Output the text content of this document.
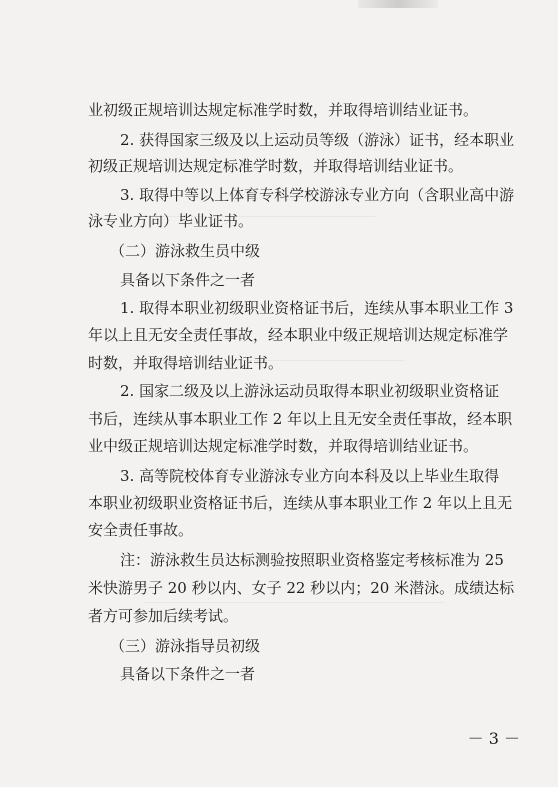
业初级正规培训达规定标准学时数，并取得培训结业证书。
2. 获得国家三级及以上运动员等级（游泳）证书，经本职业
初级正规培训达规定标准学时数，并取得培训结业证书。
3. 取得中等以上体育专科学校游泳专业方向（含职业高中游
泳专业方向）毕业证书。
（二）游泳救生员中级
具备以下条件之一者
1. 取得本职业初级职业资格证书后，连续从事本职业工作 3
年以上且无安全责任事故，经本职业中级正规培训达规定标准学
时数，并取得培训结业证书。
2. 国家二级及以上游泳运动员取得本职业初级职业资格证
书后，连续从事本职业工作 2 年以上且无安全责任事故，经本职
业中级正规培训达规定标准学时数，并取得培训结业证书。
3. 高等院校体育专业游泳专业方向本科及以上毕业生取得
本职业初级职业资格证书后，连续从事本职业工作 2 年以上且无
安全责任事故。
注：游泳救生员达标测验按照职业资格鉴定考核标准为 25
米快游男子 20 秒以内、女子 22 秒以内；20 米潜泳。成绩达标
者方可参加后续考试。
（三）游泳指导员初级
具备以下条件之一者
－ 3 －
